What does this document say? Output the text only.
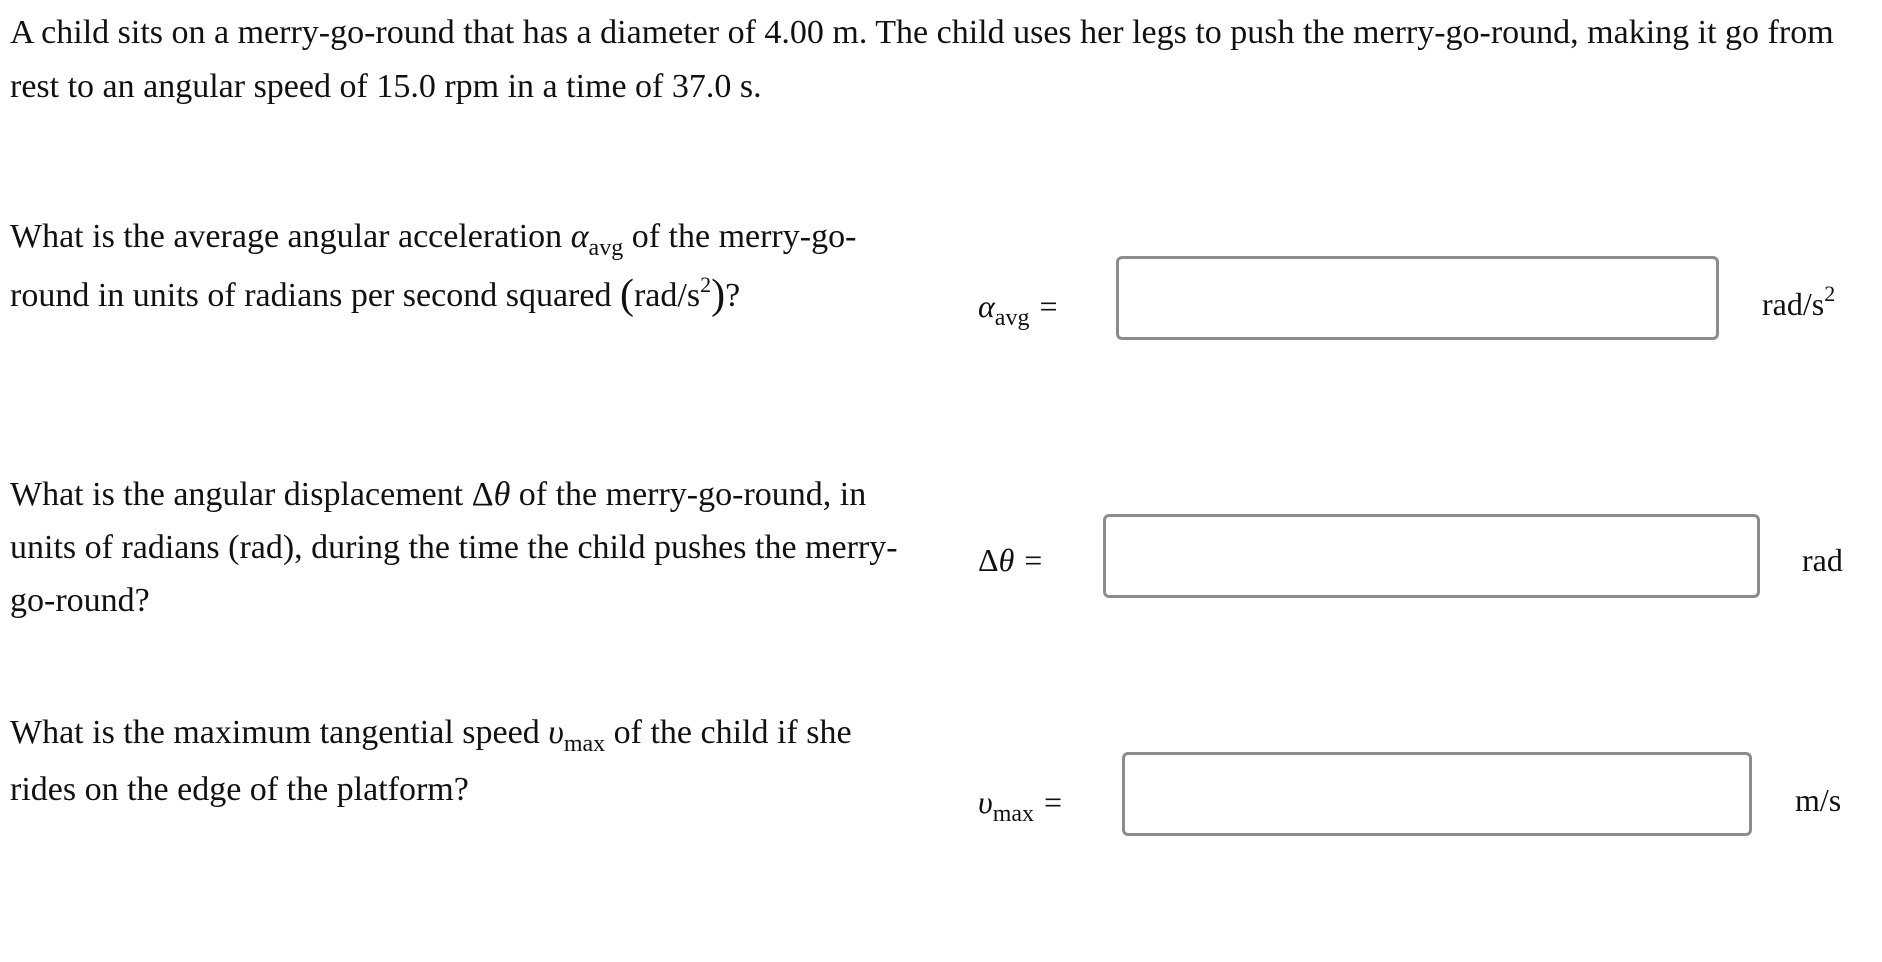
A child sits on a merry-go-round that has a diameter of 4.00 m. The child uses her legs to push the merry-go-round, making it go from rest to an angular speed of 15.0 rpm in a time of 37.0 s.
What is the average angular acceleration $\alpha_{avg}$ of the merry-go-round in units of radians per second squared $(rad/s^2)$?	$\alpha_{avg}$ =	rad/$s^2$
What is the angular displacement Δθ of the merry-go-round, in units of radians (rad), during the time the child pushes the merry-go-round?
Δθ =	rad
What is the maximum tangential speed $\upsilon_{max}$ of the child if she rides on the edge of the platform?	$\upsilon_{max}$ =	m/s
